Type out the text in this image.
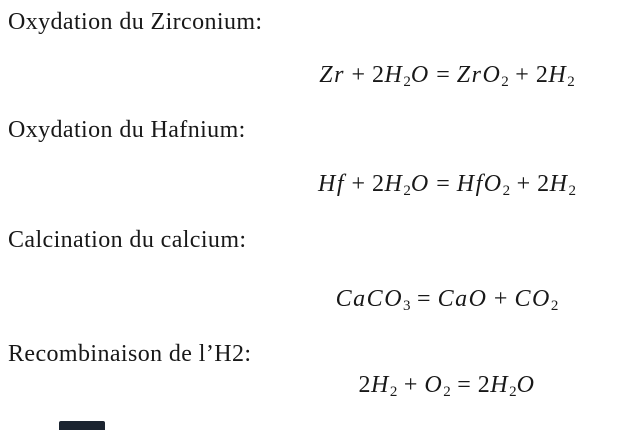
Oxydation du Zirconium:
$Zr + 2H_2O = ZrO_2 + 2H_2$
Oxydation du Hafnium:
$Hf + 2H_2O = HfO_2 + 2H_2$
Calcination du calcium:
CaCO$_3$ = CaO + $CO_2$
Recombinaison de l’H2:
$2H_2 + O_2 = 2H_2O$
